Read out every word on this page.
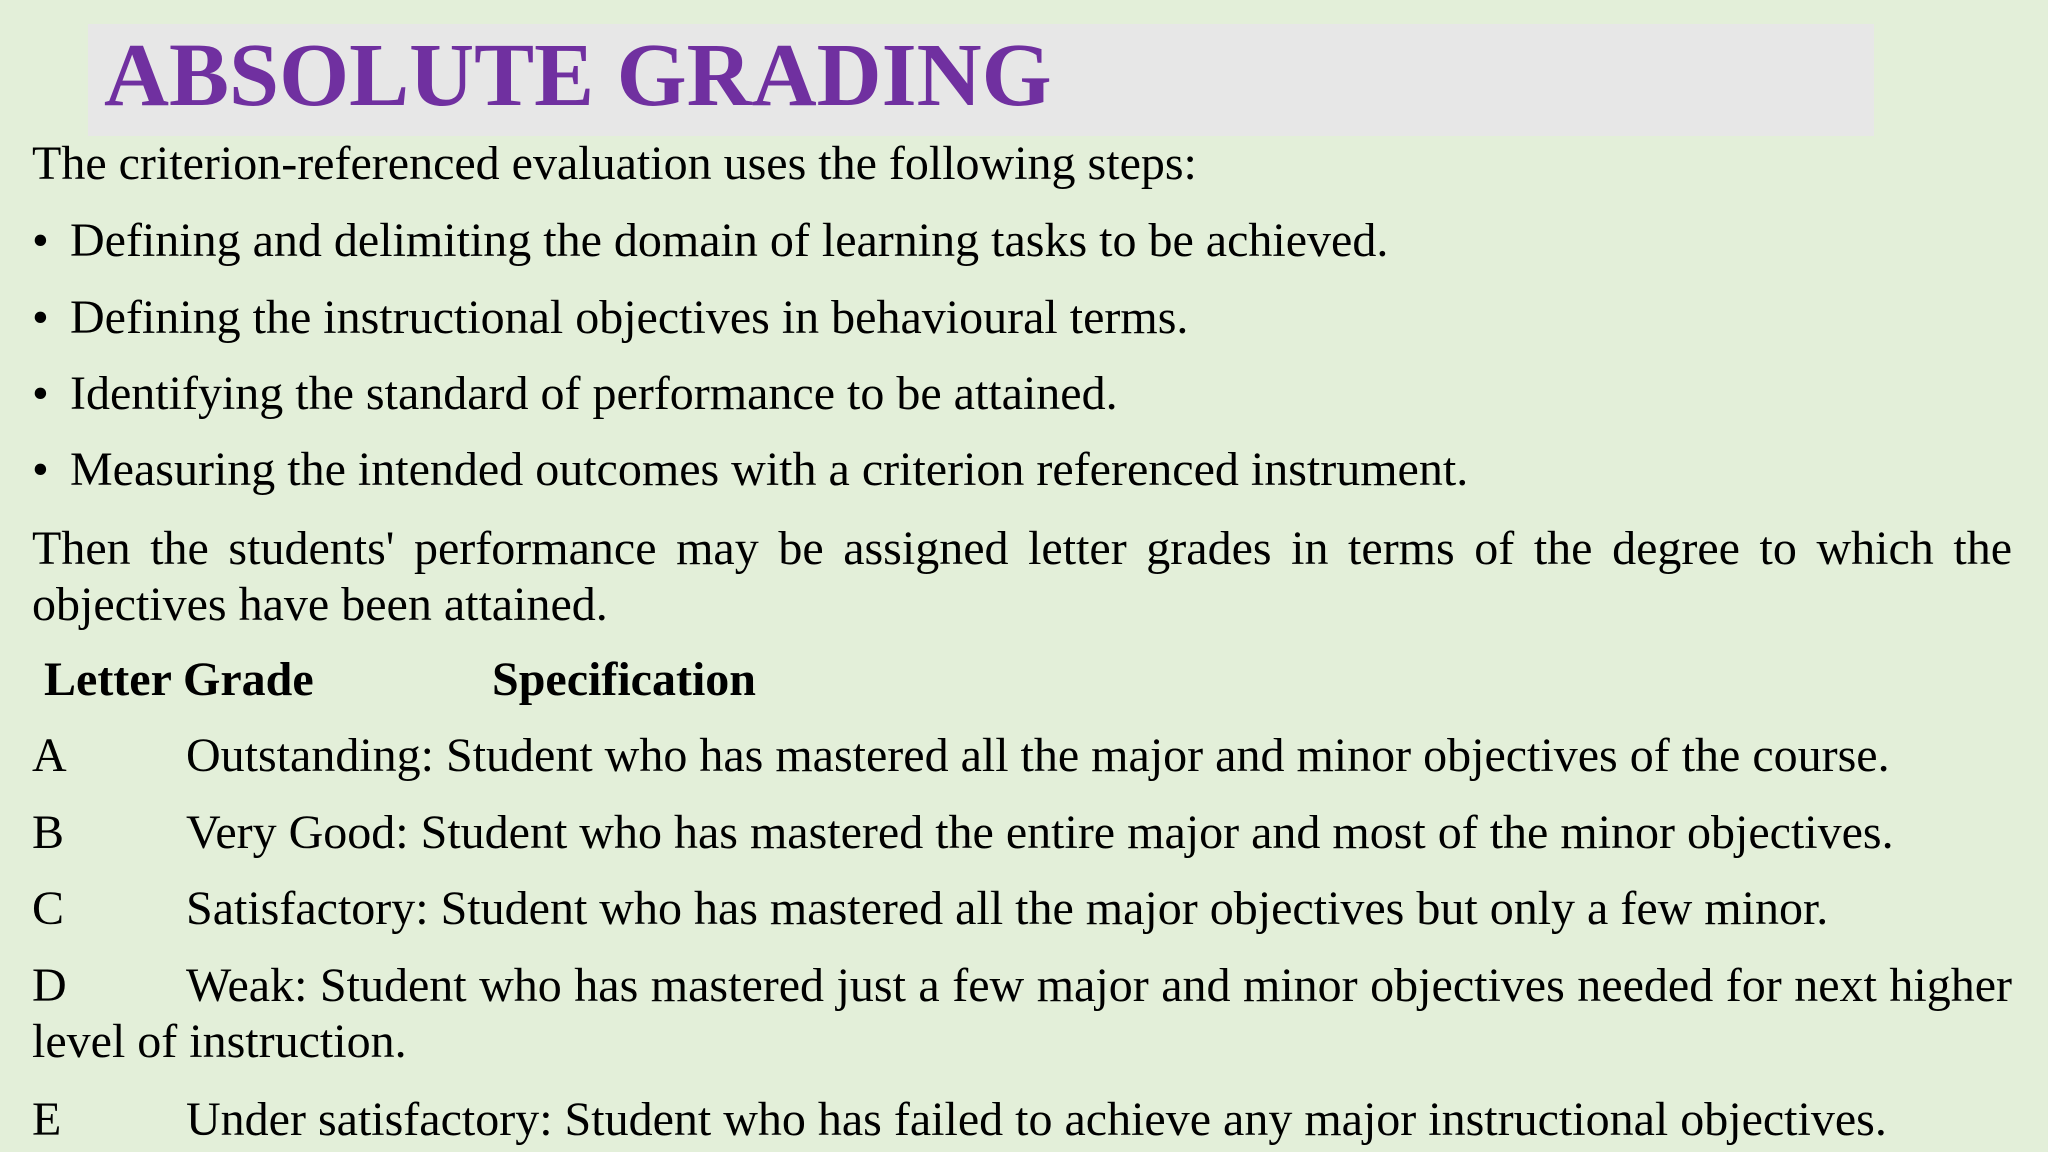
ABSOLUTE GRADING

The criterion-referenced evaluation uses the following steps:

• Defining and delimiting the domain of learning tasks to be achieved.
• Defining the instructional objectives in behavioural terms.
• Identifying the standard of performance to be attained.
• Measuring the intended outcomes with a criterion referenced instrument.

Then the students' performance may be assigned letter grades in terms of the degree to which the objectives have been attained.

Letter Grade	Specification
A Outstanding: Student who has mastered all the major and minor objectives of the course.
B	Very Good: Student who has mastered the entire major and most of the minor objectives.
C	Satisfactory: Student who has mastered all the major objectives but only a few minor.
D Weak: Student who has mastered just a few major and minor objectives needed for next higher level of instruction.
E	Under satisfactory: Student who has failed to achieve any major instructional objectives.
